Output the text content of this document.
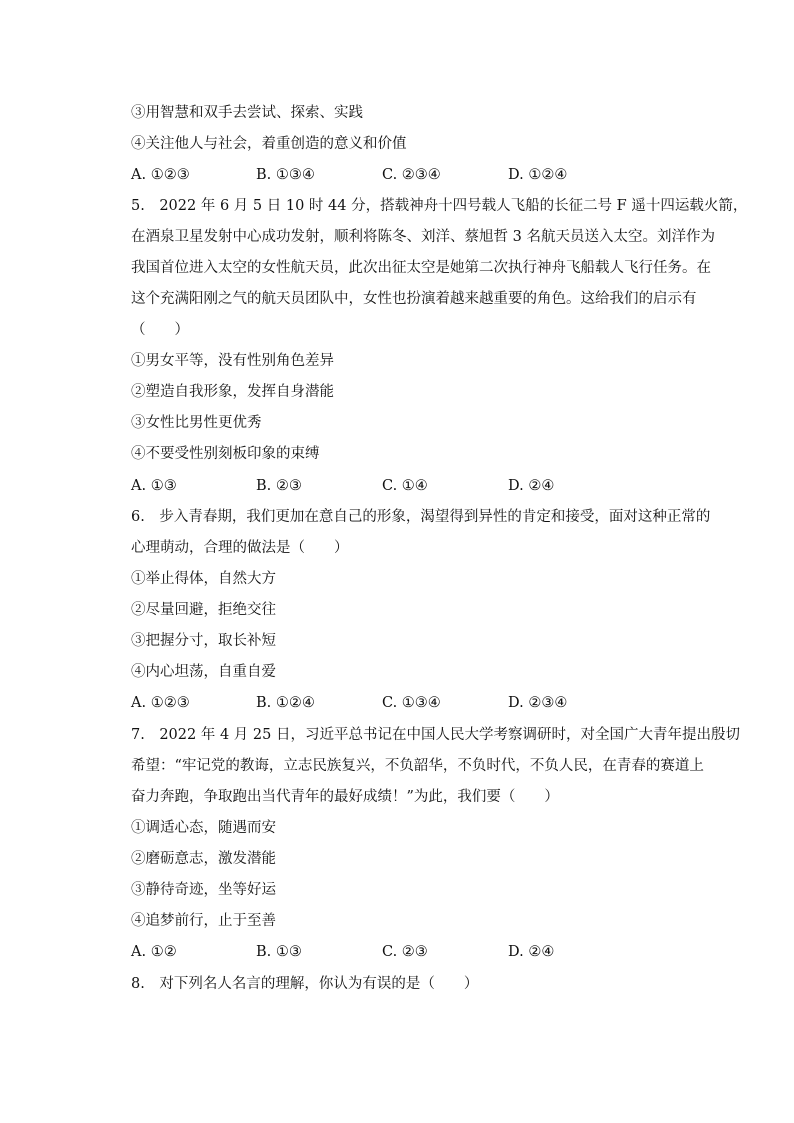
③用智慧和双手去尝试、探索、实践
④关注他人与社会，着重创造的意义和价值
A. ①②③	B. ①③④	C. ②③④	D. ①②④
5.　2022 年 6 月 5 日 10 时 44 分，搭载神舟十四号载人飞船的长征二号 F 遥十四运载火箭，
在酒泉卫星发射中心成功发射，顺利将陈冬、刘洋、蔡旭哲 3 名航天员送入太空。刘洋作为
我国首位进入太空的女性航天员，此次出征太空是她第二次执行神舟飞船载人飞行任务。在
这个充满阳刚之气的航天员团队中，女性也扮演着越来越重要的角色。这给我们的启示有
（　　）
①男女平等，没有性别角色差异
②塑造自我形象，发挥自身潜能
③女性比男性更优秀
④不要受性别刻板印象的束缚
A. ①③	B. ②③	C. ①④	D. ②④
6.　步入青春期，我们更加在意自己的形象，渴望得到异性的肯定和接受，面对这种正常的
心理萌动，合理的做法是（　　）
①举止得体，自然大方
②尽量回避，拒绝交往
③把握分寸，取长补短
④内心坦荡，自重自爱
A. ①②③	B. ①②④	C. ①③④	D. ②③④
7.　2022 年 4 月 25 日，习近平总书记在中国人民大学考察调研时，对全国广大青年提出殷切
希望：“牢记党的教诲，立志民族复兴，不负韶华，不负时代，不负人民，在青春的赛道上
奋力奔跑，争取跑出当代青年的最好成绩！”为此，我们要（　　）
①调适心态，随遇而安
②磨砺意志，激发潜能
③静待奇迹，坐等好运
④追梦前行，止于至善
A. ①②	B. ①③	C. ②③	D. ②④
8.　对下列名人名言的理解，你认为有误的是（　　）
